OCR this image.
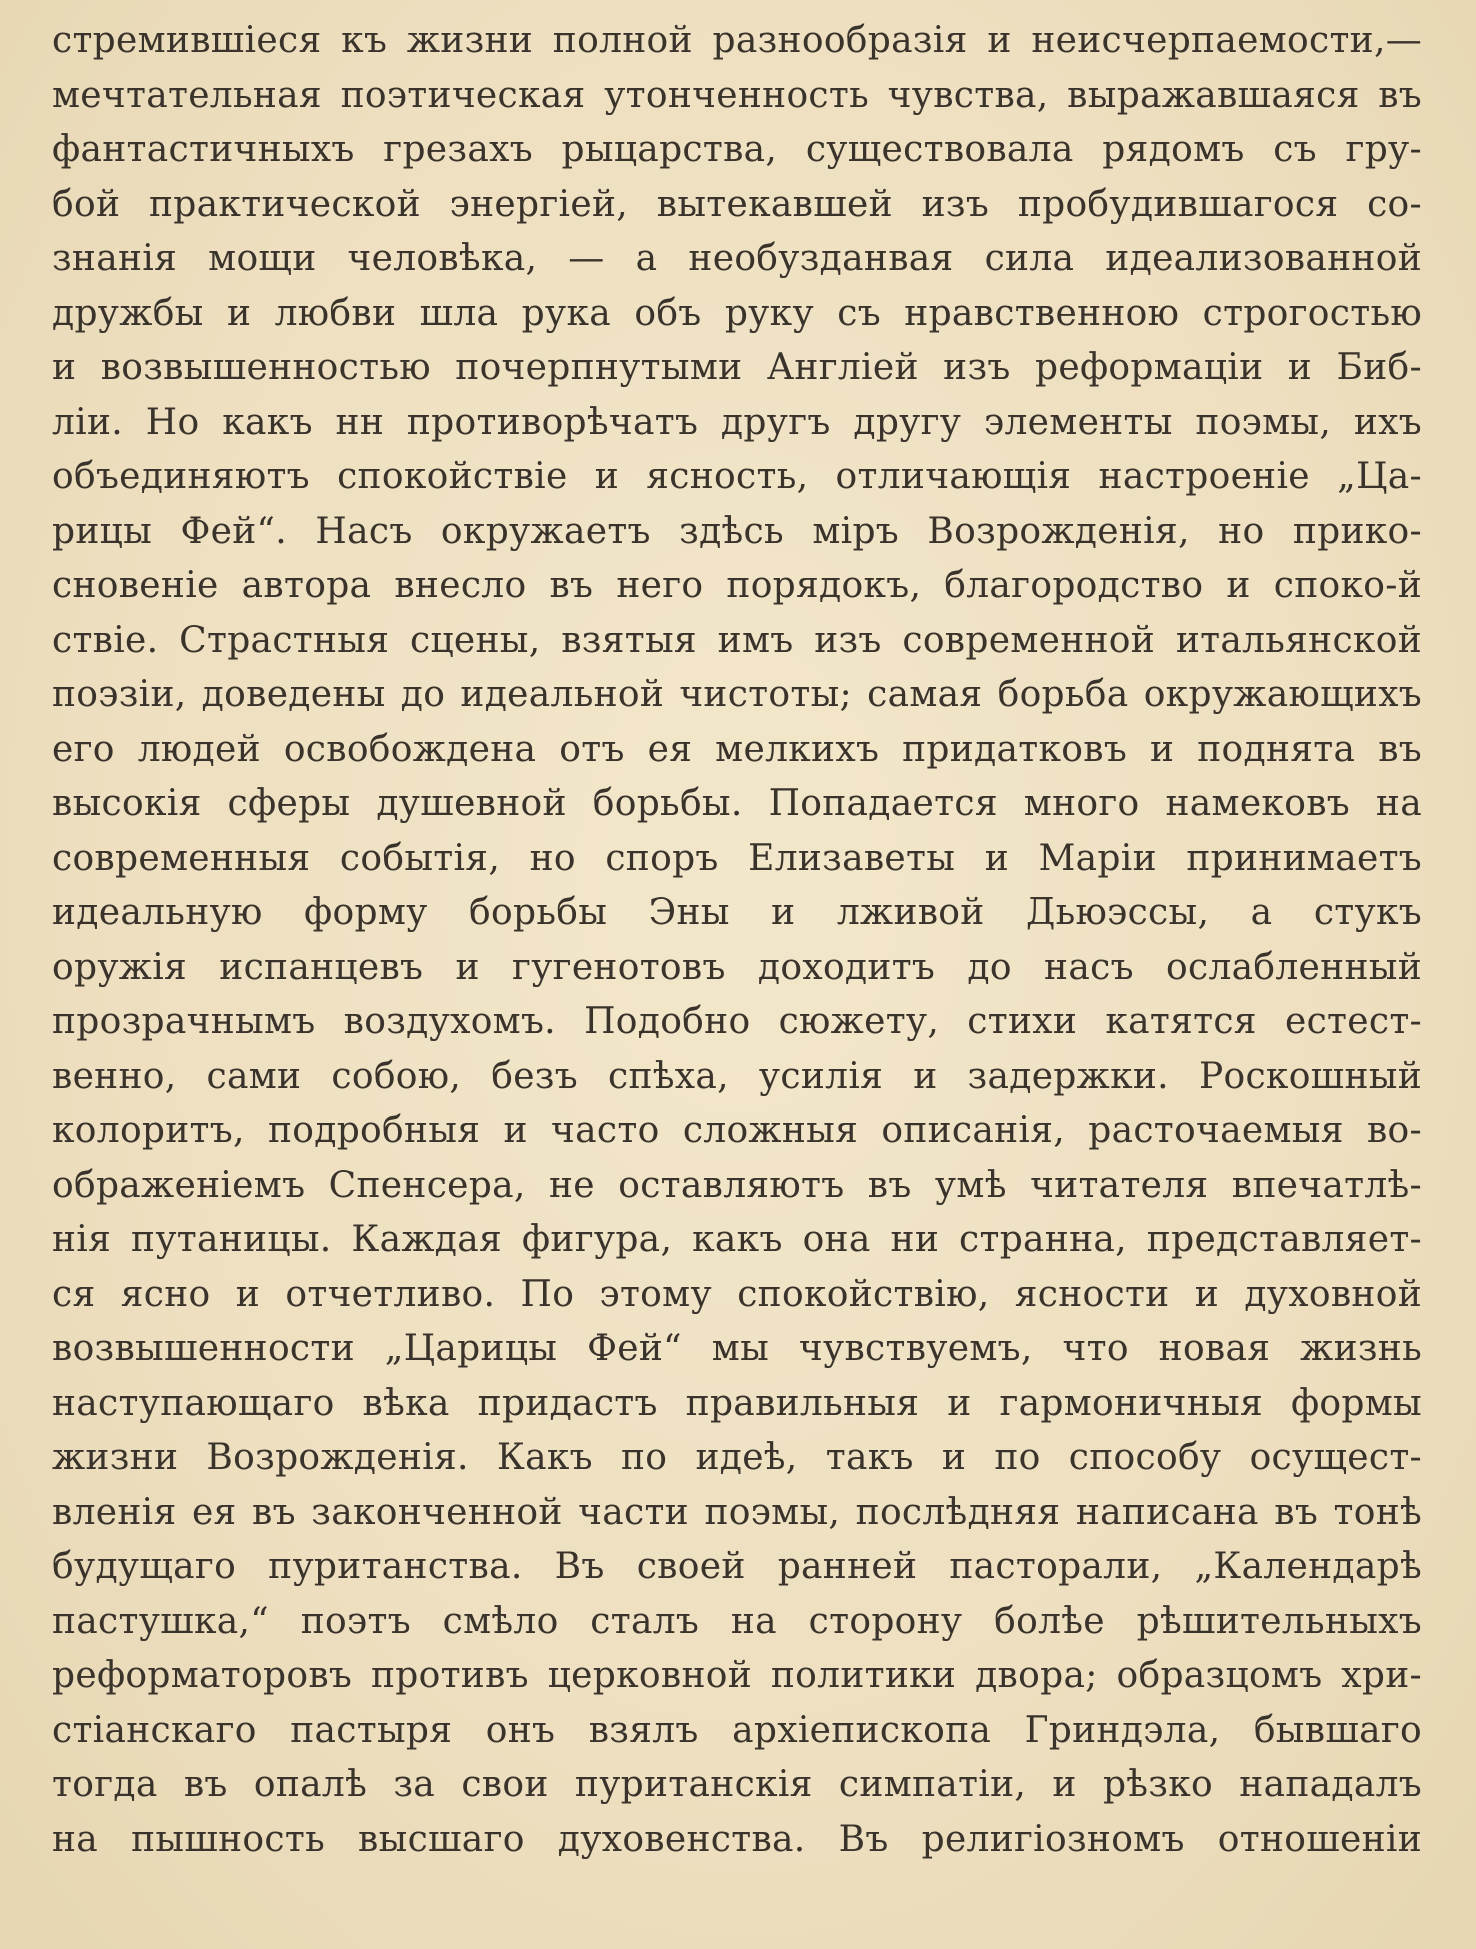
стремившіеся къ жизни полной разнообразія и неисчерпаемости,—
мечтательная поэтическая утонченность чувства, выражавшаяся въ
фантастичныхъ грезахъ рыцарства, существовала рядомъ съ гру-
бой практической энергіей, вытекавшей изъ пробудившагося со-
знанія мощи человѣка, — а необузданвая сила идеализованной
дружбы и любви шла рука объ руку съ нравственною строгостью
и возвышенностью почерпнутыми Англіей изъ реформаціи и Биб-
ліи. Но какъ нн противорѣчатъ другъ другу элементы поэмы, ихъ
объединяютъ спокойствіе и ясность, отличающія настроеніе „Ца-
рицы Фей“. Насъ окружаетъ здѣсь міръ Возрожденія, но прико-
сновеніе автора внесло въ него порядокъ, благородство и споко-й
ствіе. Страстныя сцены, взятыя имъ изъ современной итальянской
поэзіи, доведены до идеальной чистоты; самая борьба окружающихъ
его людей освобождена отъ ея мелкихъ придатковъ и поднята въ
высокія сферы душевной борьбы. Попадается много намековъ на
современныя событія, но споръ Елизаветы и Маріи принимаетъ
идеальную форму борьбы Эны и лживой Дьюэссы, а стукъ
оружія испанцевъ и гугенотовъ доходитъ до насъ ослабленный
прозрачнымъ воздухомъ. Подобно сюжету, стихи катятся естест-
венно, сами собою, безъ спѣха, усилія и задержки. Роскошный
колоритъ, подробныя и часто сложныя описанія, расточаемыя во-
ображеніемъ Спенсера, не оставляютъ въ умѣ читателя впечатлѣ-
нія путаницы. Каждая фигура, какъ она ни странна, представляет-
ся ясно и отчетливо. По этому спокойствію, ясности и духовной
возвышенности „Царицы Фей“ мы чувствуемъ, что новая жизнь
наступающаго вѣка придастъ правильныя и гармоничныя формы
жизни Возрожденія. Какъ по идеѣ, такъ и по способу осущест-
вленія ея въ законченной части поэмы, послѣдняя написана въ тонѣ
будущаго пуританства. Въ своей ранней пасторали, „Календарѣ
пастушка,“ поэтъ смѣло сталъ на сторону болѣе рѣшительныхъ
реформаторовъ противъ церковной политики двора; образцомъ хри-
стіанскаго пастыря онъ взялъ архіепископа Гриндэла, бывшаго
тогда въ опалѣ за свои пуританскія симпатіи, и рѣзко нападалъ
на пышность высшаго духовенства. Въ религіозномъ отношеніи
